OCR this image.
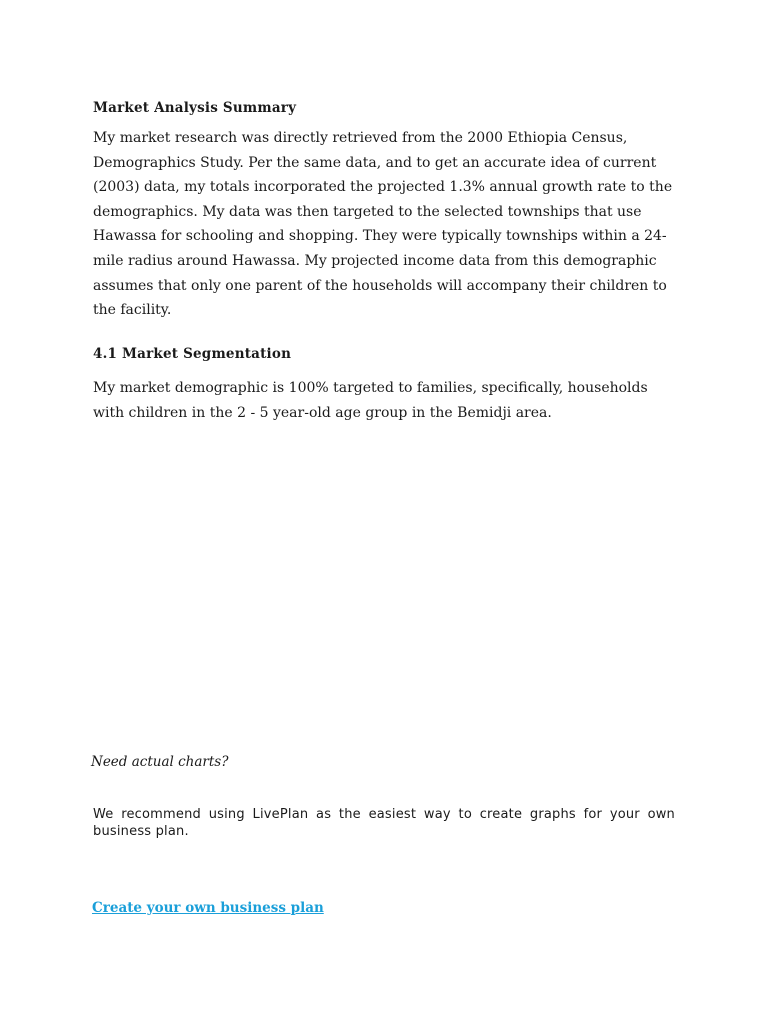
Market Analysis Summary

My market research was directly retrieved from the 2000 Ethiopia Census, Demographics Study. Per the same data, and to get an accurate idea of current (2003) data, my totals incorporated the projected 1.3% annual growth rate to the demographics. My data was then targeted to the selected townships that use Hawassa for schooling and shopping. They were typically townships within a 24-mile radius around Hawassa. My projected income data from this demographic assumes that only one parent of the households will accompany their children to the facility.

4.1 Market Segmentation

My market demographic is 100% targeted to families, specifically, households with children in the 2 - 5 year-old age group in the Bemidji area.

Need actual charts?
We recommend using LivePlan as the easiest way to create graphs for your own business plan.
Create your own business plan
